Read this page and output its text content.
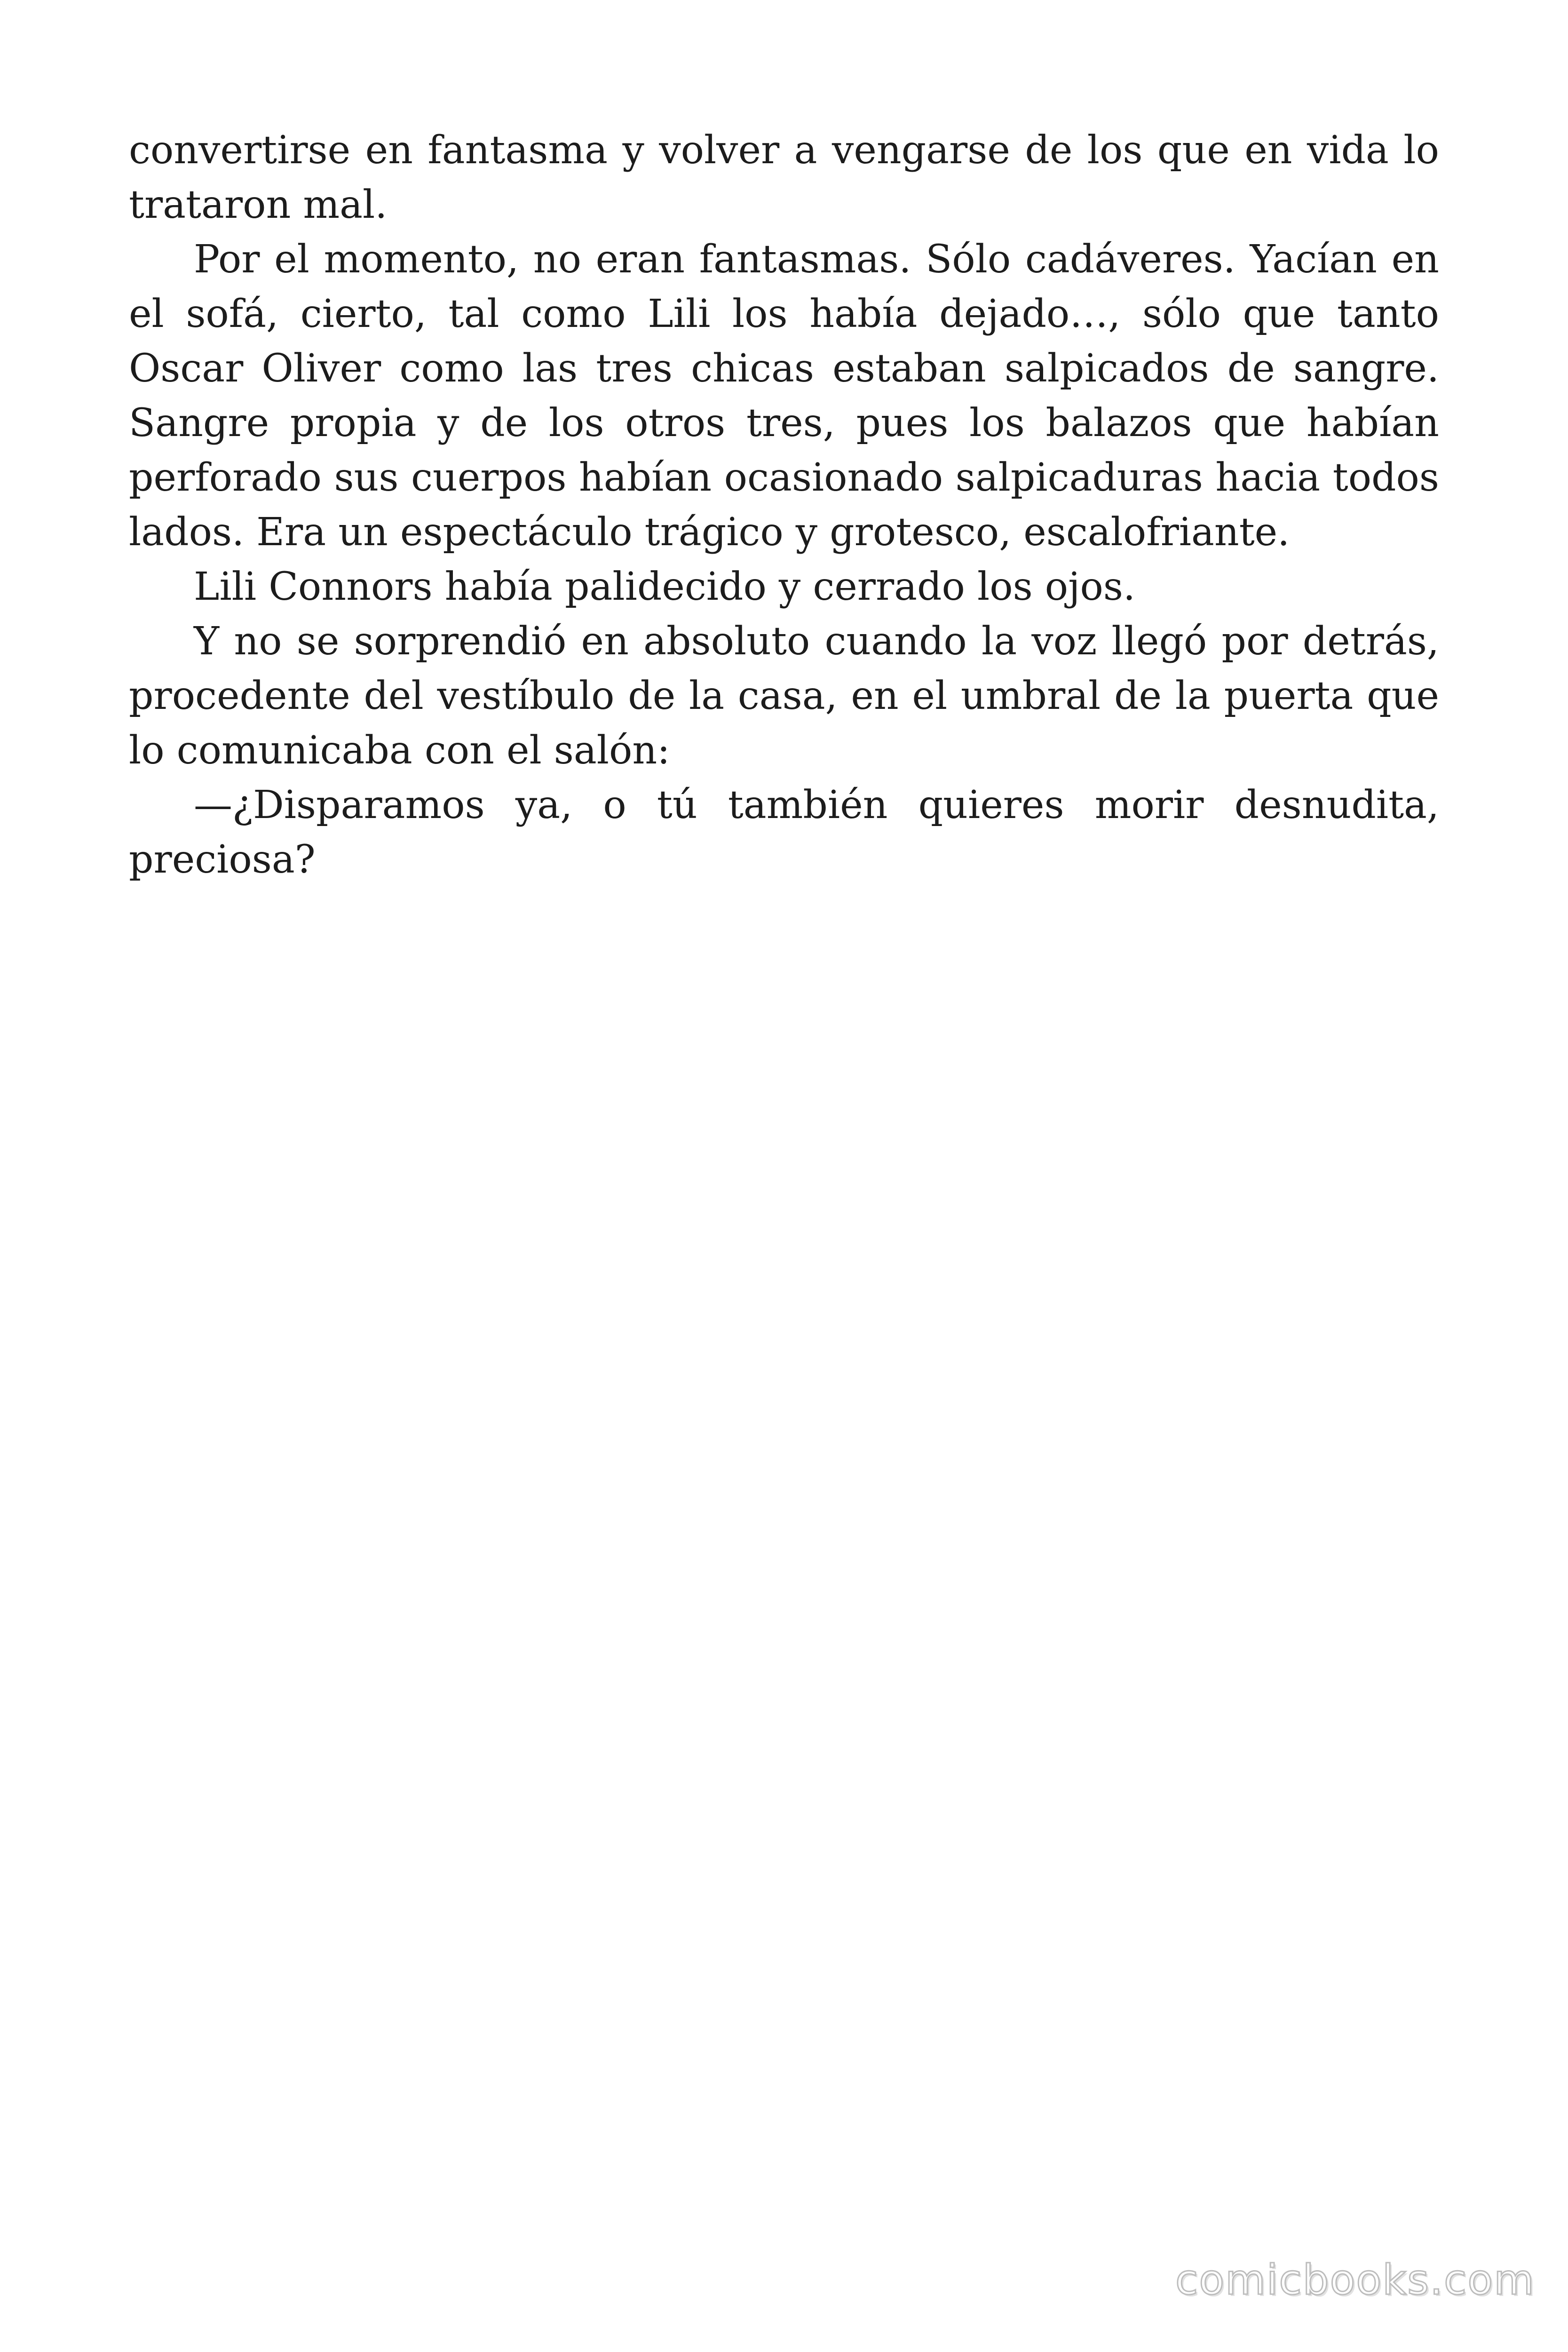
convertirse en fantasma y volver a vengarse de los que en vida lo trataron mal.

Por el momento, no eran fantasmas. Sólo cadáveres. Yacían en el sofá, cierto, tal como Lili los había dejado…, sólo que tanto Oscar Oliver como las tres chicas estaban salpicados de sangre. Sangre propia y de los otros tres, pues los balazos que habían perforado sus cuerpos habían ocasionado salpicaduras hacia todos lados. Era un espectáculo trágico y grotesco, escalofriante.

Lili Connors había palidecido y cerrado los ojos.

Y no se sorprendió en absoluto cuando la voz llegó por detrás, procedente del vestíbulo de la casa, en el umbral de la puerta que lo comunicaba con el salón:

—¿Disparamos ya, o tú también quieres morir desnudita, preciosa?

comicbooks.com
